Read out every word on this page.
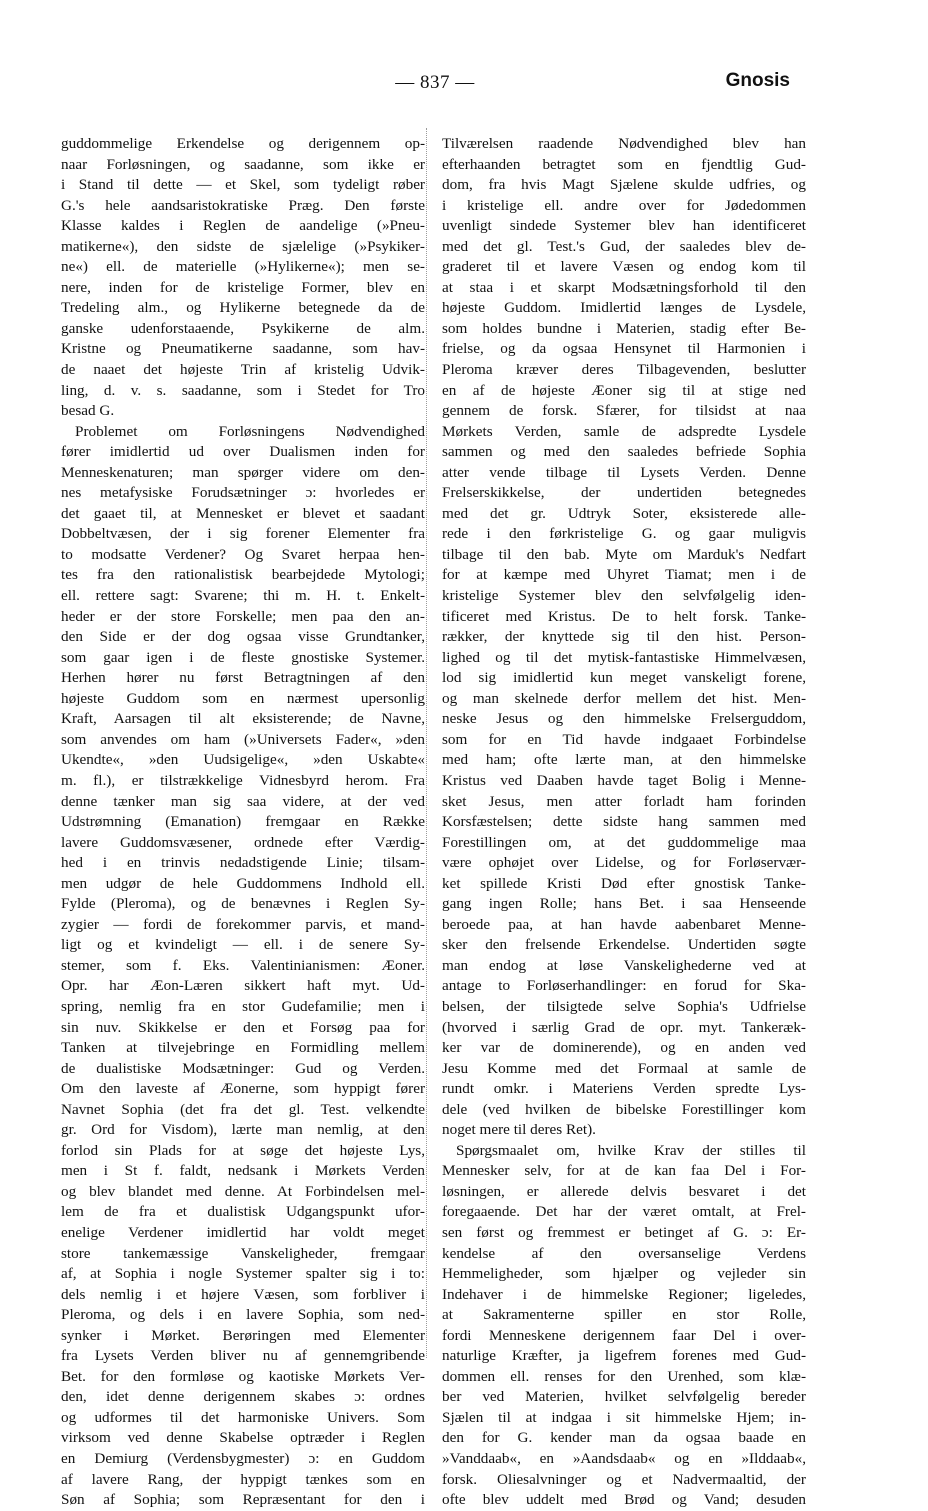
— 837 —	Gnosis
guddommelige Erkendelse og derigennem op-
naar Forløsningen, og saadanne, som ikke er
i Stand til dette — et Skel, som tydeligt røber
G.'s hele aandsaristokratiske Præg. Den første
Klasse kaldes i Reglen de aandelige (»Pneu-
matikerne«), den sidste de sjælelige (»Psykiker-
ne«) ell. de materielle (»Hylikerne«); men se-
nere, inden for de kristelige Former, blev en
Tredeling alm., og Hylikerne betegnede da de
ganske udenforstaaende, Psykikerne de alm.
Kristne og Pneumatikerne saadanne, som hav-
de naaet det højeste Trin af kristelig Udvik-
ling, d. v. s. saadanne, som i Stedet for Tro
besad G.
Problemet om Forløsningens Nødvendighed
fører imidlertid ud over Dualismen inden for
Menneskenaturen; man spørger videre om den-
nes metafysiske Forudsætninger ɔ: hvorledes er
det gaaet til, at Mennesket er blevet et saadant
Dobbeltvæsen, der i sig forener Elementer fra
to modsatte Verdener? Og Svaret herpaa hen-
tes fra den rationalistisk bearbejdede Mytologi;
ell. rettere sagt: Svarene; thi m. H. t. Enkelt-
heder er der store Forskelle; men paa den an-
den Side er der dog ogsaa visse Grundtanker,
som gaar igen i de fleste gnostiske Systemer.
Herhen hører nu først Betragtningen af den
højeste Guddom som en nærmest upersonlig
Kraft, Aarsagen til alt eksisterende; de Navne,
som anvendes om ham (»Universets Fader«, »den
Ukendte«, »den Uudsigelige«, »den Uskabte«
m. fl.), er tilstrækkelige Vidnesbyrd herom. Fra
denne tænker man sig saa videre, at der ved
Udstrømning (Emanation) fremgaar en Række
lavere Guddomsvæsener, ordnede efter Værdig-
hed i en trinvis nedadstigende Linie; tilsam-
men udgør de hele Guddommens Indhold ell.
Fylde (Pleroma), og de benævnes i Reglen Sy-
zygier — fordi de forekommer parvis, et mand-
ligt og et kvindeligt — ell. i de senere Sy-
stemer, som f. Eks. Valentinianismen: Æoner.
Opr. har Æon-Læren sikkert haft myt. Ud-
spring, nemlig fra en stor Gudefamilie; men i
sin nuv. Skikkelse er den et Forsøg paa for
Tanken at tilvejebringe en Formidling mellem
de dualistiske Modsætninger: Gud og Verden.
Om den laveste af Æonerne, som hyppigt fører
Navnet Sophia (det fra det gl. Test. velkendte
gr. Ord for Visdom), lærte man nemlig, at den
forlod sin Plads for at søge det højeste Lys,
men i St f. faldt, nedsank i Mørkets Verden
og blev blandet med denne. At Forbindelsen mel-
lem de fra et dualistisk Udgangspunkt ufor-
enelige Verdener imidlertid har voldt meget
store tankemæssige Vanskeligheder, fremgaar
af, at Sophia i nogle Systemer spalter sig i to:
dels nemlig i et højere Væsen, som forbliver i
Pleroma, og dels i en lavere Sophia, som ned-
synker i Mørket. Berøringen med Elementer
fra Lysets Verden bliver nu af gennemgribende
Bet. for den formløse og kaotiske Mørkets Ver-
den, idet denne derigennem skabes ɔ: ordnes
og udformes til det harmoniske Univers. Som
virksom ved denne Skabelse optræder i Reglen
en Demiurg (Verdensbygmester) ɔ: en Guddom
af lavere Rang, der hyppigt tænkes som en
Søn af Sophia; som Repræsentant for den i
Tilværelsen raadende Nødvendighed blev han
efterhaanden betragtet som en fjendtlig Gud-
dom, fra hvis Magt Sjælene skulde udfries, og
i kristelige ell. andre over for Jødedommen
uvenligt sindede Systemer blev han identificeret
med det gl. Test.'s Gud, der saaledes blev de-
graderet til et lavere Væsen og endog kom til
at staa i et skarpt Modsætningsforhold til den
højeste Guddom. Imidlertid længes de Lysdele,
som holdes bundne i Materien, stadig efter Be-
frielse, og da ogsaa Hensynet til Harmonien i
Pleroma kræver deres Tilbagevenden, beslutter
en af de højeste Æoner sig til at stige ned
gennem de forsk. Sfærer, for tilsidst at naa
Mørkets Verden, samle de adspredte Lysdele
sammen og med den saaledes befriede Sophia
atter vende tilbage til Lysets Verden. Denne
Frelserskikkelse, der undertiden betegnedes
med det gr. Udtryk Soter, eksisterede alle-
rede i den førkristelige G. og gaar muligvis
tilbage til den bab. Myte om Marduk's Nedfart
for at kæmpe med Uhyret Tiamat; men i de
kristelige Systemer blev den selvfølgelig iden-
tificeret med Kristus. De to helt forsk. Tanke-
rækker, der knyttede sig til den hist. Person-
lighed og til det mytisk-fantastiske Himmelvæsen,
lod sig imidlertid kun meget vanskeligt forene,
og man skelnede derfor mellem det hist. Men-
neske Jesus og den himmelske Frelserguddom,
som for en Tid havde indgaaet Forbindelse
med ham; ofte lærte man, at den himmelske
Kristus ved Daaben havde taget Bolig i Menne-
sket Jesus, men atter forladt ham forinden
Korsfæstelsen; dette sidste hang sammen med
Forestillingen om, at det guddommelige maa
være ophøjet over Lidelse, og for Forløservær-
ket spillede Kristi Død efter gnostisk Tanke-
gang ingen Rolle; hans Bet. i saa Henseende
beroede paa, at han havde aabenbaret Menne-
sker den frelsende Erkendelse. Undertiden søgte
man endog at løse Vanskelighederne ved at
antage to Forløserhandlinger: en forud for Ska-
belsen, der tilsigtede selve Sophia's Udfrielse
(hvorved i særlig Grad de opr. myt. Tankeræk-
ker var de dominerende), og en anden ved
Jesu Komme med det Formaal at samle de
rundt omkr. i Materiens Verden spredte Lys-
dele (ved hvilken de bibelske Forestillinger kom
noget mere til deres Ret).
Spørgsmaalet om, hvilke Krav der stilles til
Mennesker selv, for at de kan faa Del i For-
løsningen, er allerede delvis besvaret i det
foregaaende. Det har der været omtalt, at Frel-
sen først og fremmest er betinget af G. ɔ: Er-
kendelse af den oversanselige Verdens
Hemmeligheder, som hjælper og vejleder sin
Indehaver i de himmelske Regioner; ligeledes,
at Sakramenterne spiller en stor Rolle,
fordi Menneskene derigennem faar Del i over-
naturlige Kræfter, ja ligefrem forenes med Gud-
dommen ell. renses for den Urenhed, som klæ-
ber ved Materien, hvilket selvfølgelig bereder
Sjælen til at indgaa i sit himmelske Hjem; in-
den for G. kender man da ogsaa baade en
»Vanddaab«, en »Aandsdaab« og en »Ilddaab«,
forsk. Oliesalvninger og et Nadvermaaltid, der
ofte blev uddelt med Brød og Vand; desuden
